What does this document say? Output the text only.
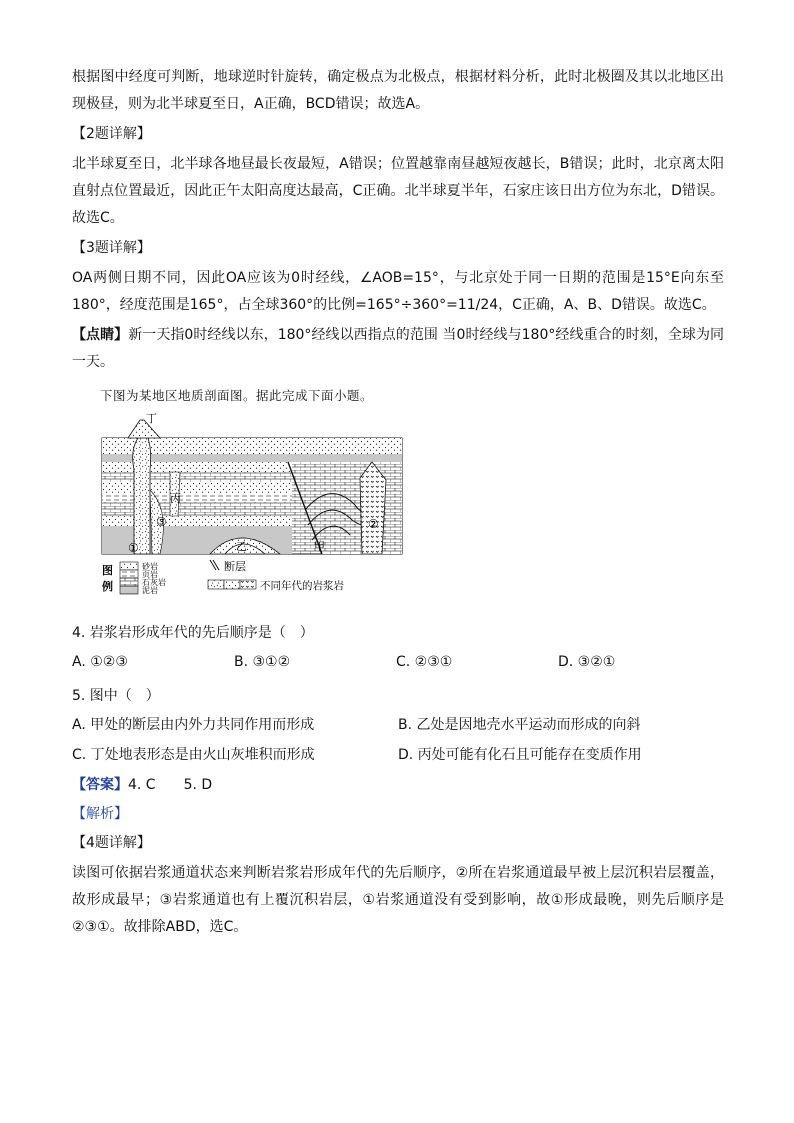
根据图中经度可判断，地球逆时针旋转，确定极点为北极点，根据材料分析，此时北极圈及其以北地区出现极昼，则为北半球夏至日，A正确，BCD错误；故选A。

【2题详解】

北半球夏至日，北半球各地昼最长夜最短，A错误；位置越靠南昼越短夜越长，B错误；此时，北京离太阳直射点位置最近，因此正午太阳高度达最高，C正确。北半球夏半年，石家庄该日出方位为东北，D错误。故选C。

【3题详解】

OA两侧日期不同，因此OA应该为0时经线，∠AOB=15°，与北京处于同一日期的范围是15°E向东至180°，经度范围是165°，占全球360°的比例=165°÷360°=11/24，C正确，A、B、D错误。故选C。

【点睛】新一天指0时经线以东，180°经线以西指点的范围 当0时经线与180°经线重合的时刻，全球为同一天。

下图为某地区地质剖面图。据此完成下面小题。

丁
丙
乙	甲
①
②
③
图
例
砂岩
页岩
石灰岩
泥岩
断层
不同年代的岩浆岩

4. 岩浆岩形成年代的先后顺序是（　）

A. ①②③	B. ③①②	C. ②③①	D. ③②①

5. 图中（　）

A. 甲处的断层由内外力共同作用而形成	B. 乙处是因地壳水平运动而形成的向斜
C. 丁处地表形态是由火山灰堆积而形成	D. 丙处可能有化石且可能存在变质作用

【答案】4. C　　5. D

【解析】

【4题详解】

读图可依据岩浆通道状态来判断岩浆岩形成年代的先后顺序，②所在岩浆通道最早被上层沉积岩层覆盖，故形成最早；③岩浆通道也有上覆沉积岩层，①岩浆通道没有受到影响，故①形成最晚，则先后顺序是②③①。故排除ABD，选C。
